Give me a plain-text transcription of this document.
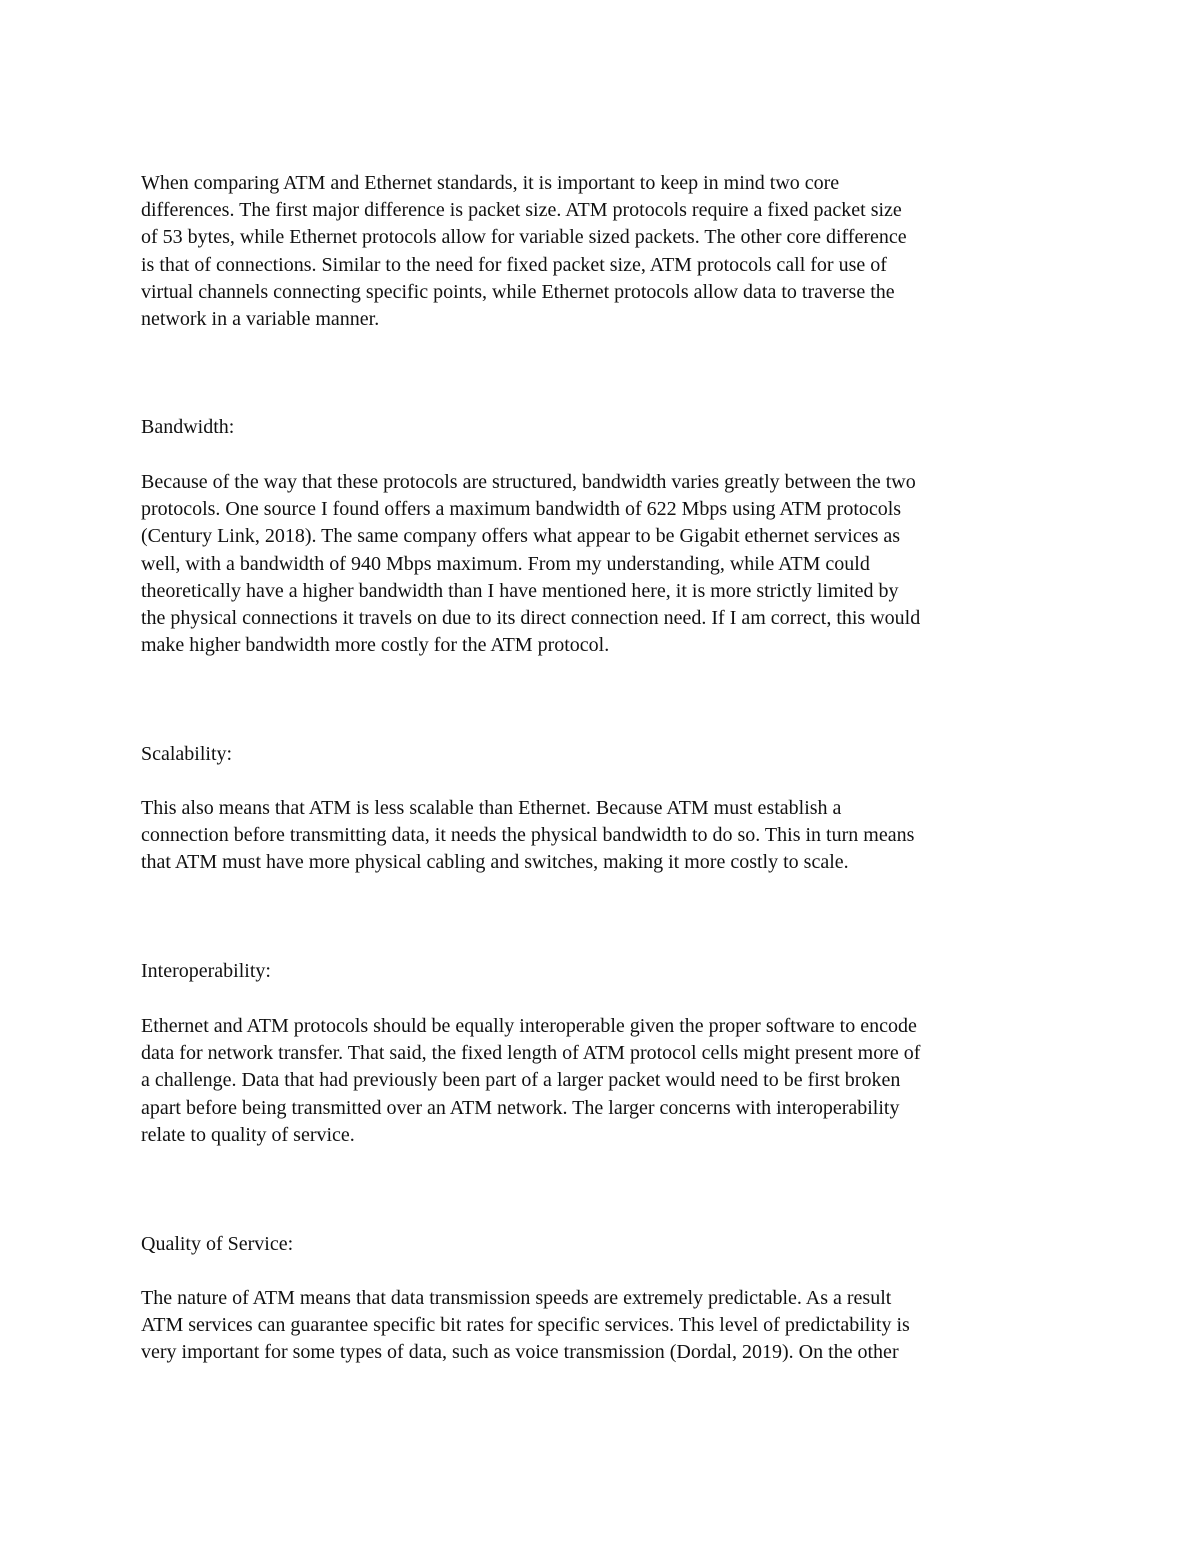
When comparing ATM and Ethernet standards, it is important to keep in mind two core
differences. The first major difference is packet size. ATM protocols require a fixed packet size
of 53 bytes, while Ethernet protocols allow for variable sized packets. The other core difference
is that of connections. Similar to the need for fixed packet size, ATM protocols call for use of
virtual channels connecting specific points, while Ethernet protocols allow data to traverse the
network in a variable manner.
Bandwidth:
Because of the way that these protocols are structured, bandwidth varies greatly between the two
protocols. One source I found offers a maximum bandwidth of 622 Mbps using ATM protocols
(Century Link, 2018). The same company offers what appear to be Gigabit ethernet services as
well, with a bandwidth of 940 Mbps maximum. From my understanding, while ATM could
theoretically have a higher bandwidth than I have mentioned here, it is more strictly limited by
the physical connections it travels on due to its direct connection need. If I am correct, this would
make higher bandwidth more costly for the ATM protocol.
Scalability:
This also means that ATM is less scalable than Ethernet. Because ATM must establish a
connection before transmitting data, it needs the physical bandwidth to do so. This in turn means
that ATM must have more physical cabling and switches, making it more costly to scale.
Interoperability:
Ethernet and ATM protocols should be equally interoperable given the proper software to encode
data for network transfer. That said, the fixed length of ATM protocol cells might present more of
a challenge. Data that had previously been part of a larger packet would need to be first broken
apart before being transmitted over an ATM network. The larger concerns with interoperability
relate to quality of service.
Quality of Service:
The nature of ATM means that data transmission speeds are extremely predictable. As a result
ATM services can guarantee specific bit rates for specific services. This level of predictability is
very important for some types of data, such as voice transmission (Dordal, 2019). On the other
